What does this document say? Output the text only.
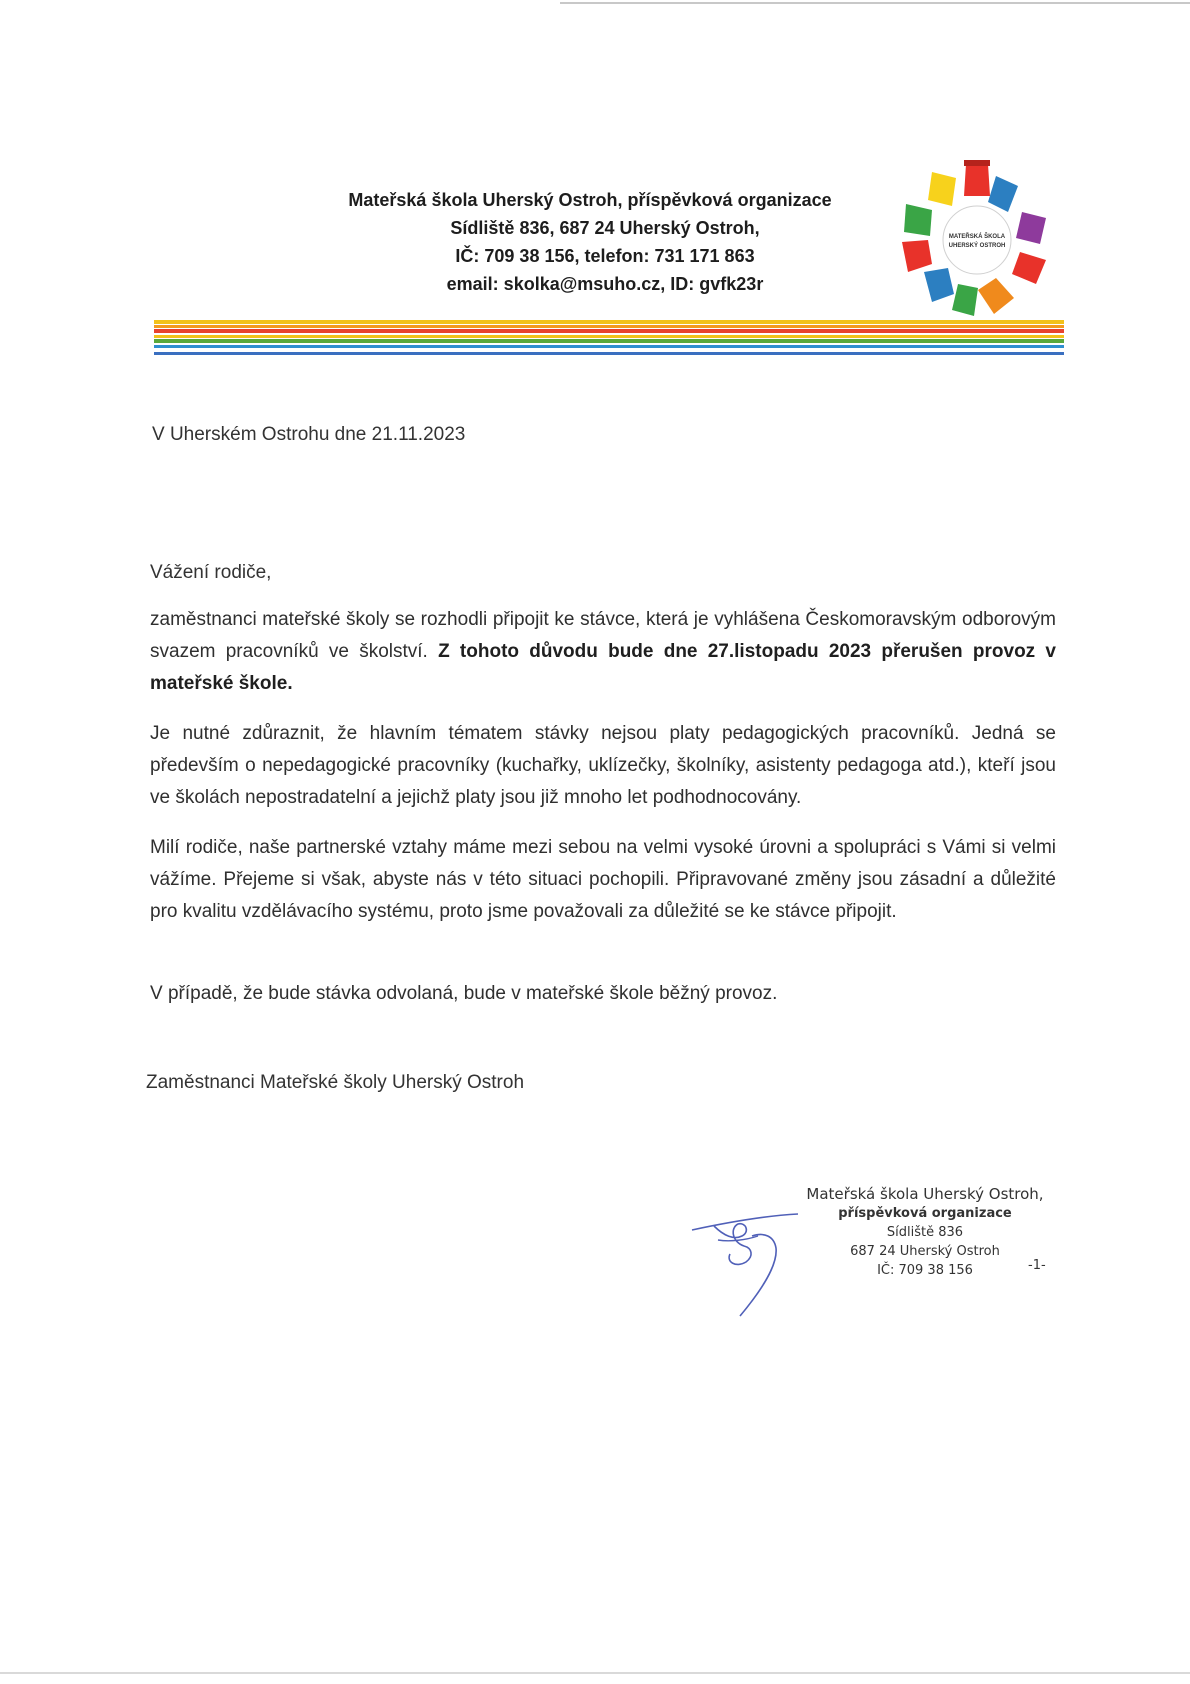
Mateřská škola Uherský Ostroh, příspěvková organizace
Sídliště 836, 687 24 Uherský Ostroh,
IČ: 709 38 156, telefon: 731 171 863
email: skolka@msuho.cz, ID: gvfk23r
MATEŘSKÁ ŠKOLA
UHERSKÝ OSTROH
V Uherském Ostrohu dne 21.11.2023
Vážení rodiče,
zaměstnanci mateřské školy se rozhodli připojit ke stávce, která je vyhlášena Českomoravským odborovým svazem pracovníků ve školství. Z tohoto důvodu bude dne 27.listopadu 2023 přerušen provoz v mateřské škole.
Je nutné zdůraznit, že hlavním tématem stávky nejsou platy pedagogických pracovníků. Jedná se především o nepedagogické pracovníky (kuchařky, uklízečky, školníky, asistenty pedagoga atd.), kteří jsou ve školách nepostradatelní a jejichž platy jsou již mnoho let podhodnocovány.
Milí rodiče, naše partnerské vztahy máme mezi sebou na velmi vysoké úrovni a spolupráci s Vámi si velmi vážíme. Přejeme si však, abyste nás v této situaci pochopili. Připravované změny jsou zásadní a důležité pro kvalitu vzdělávacího systému, proto jsme považovali za důležité se ke stávce připojit.
V případě, že bude stávka odvolaná, bude v mateřské škole běžný provoz.
Zaměstnanci Mateřské školy Uherský Ostroh
Mateřská škola Uherský Ostroh,
příspěvková organizace
Sídliště 836
687 24 Uherský Ostroh
IČ: 709 38 156	-1-
